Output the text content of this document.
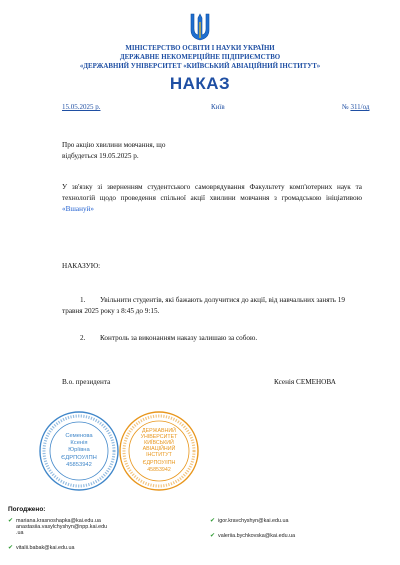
МІНІСТЕРСТВО ОСВІТИ І НАУКИ УКРАЇНИ
ДЕРЖАВНЕ НЕКОМЕРЦІЙНЕ ПІДПРИЄМСТВО
«ДЕРЖАВНИЙ УНІВЕРСИТЕТ «КИЇВСЬКИЙ АВІАЦІЙНИЙ ІНСТИТУТ»
НАКАЗ
15.05.2025 р.	Київ	№ 311/од
Про акцію хвилини мовчання, що
відбудеться 19.05.2025 р.
У зв'язку зі зверненням студентського самоврядування Факультету комп'ютерних наук та технологій щодо проведення спільної акції хвилини мовчання з громадською ініціативою «Вшануй»
НАКАЗУЮ:
1. Увільнити студентів, які бажають долучитися до акції, від навчальних занять 19 травня 2025 року з 8:45 до 9:15.
2. Контроль за виконанням наказу залишаю за собою.
В.о. президента	Ксенія СЕМЕНОВА
Семенова
Ксенія
Юріївна
ЄДРПОУ/ІПН
45853942
ДЕРЖАВНИЙ
УНІВЕРСИТЕТ
КИЇВСЬКИЙ
АВІАЦІЙНИЙ
ІНСТИТУТ
ЄДРПОУ/ІПН
45853942
Погоджено:
✔ mariana.krasnoshapka@kai.edu.ua
anastasiia.vasylchyshyn@npp.kai.edu
.ua
✔ vitalii.babak@kai.edu.ua
✔ igor.kravchyshyn@kai.edu.ua
✔ valeriia.bychkovska@kai.edu.ua
